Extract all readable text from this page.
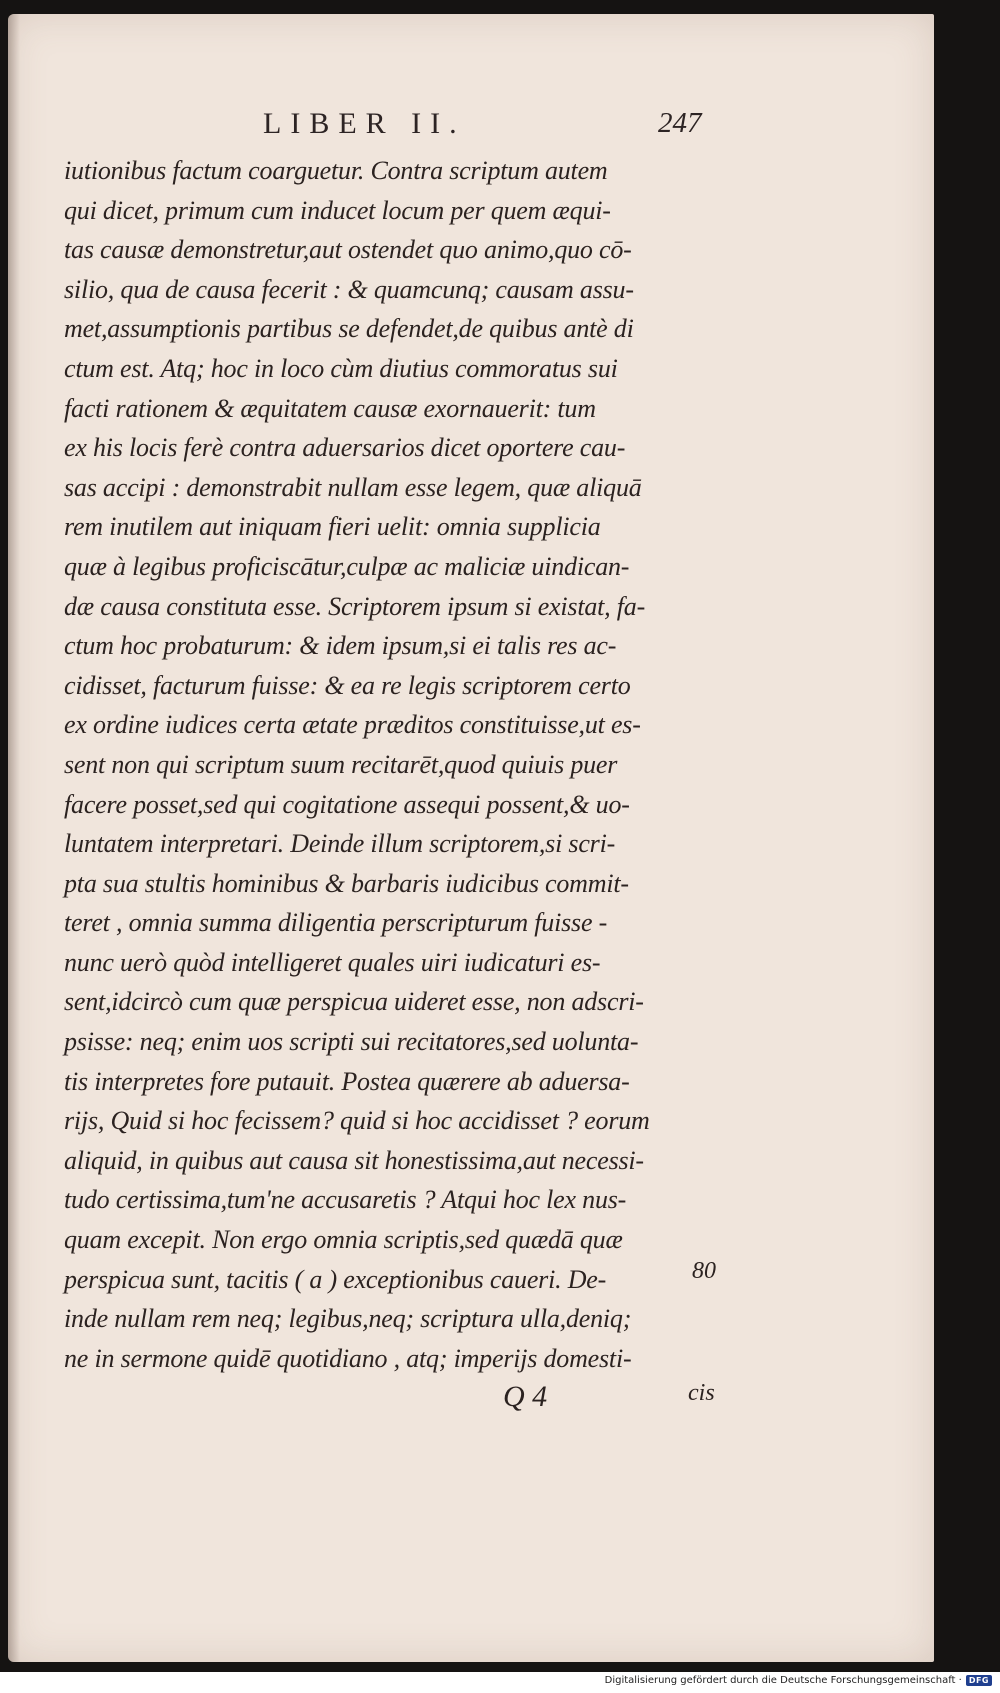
LIBER II.	247
iutionibus factum coarguetur. Contra scriptum autem
qui dicet, primum cum inducet locum per quem æqui-
tas causæ demonstretur,aut ostendet quo animo,quo cō-
silio, qua de causa fecerit : & quamcunq; causam assu-
met,assumptionis partibus se defendet,de quibus antè di
ctum est. Atq; hoc in loco cùm diutius commoratus sui
facti rationem & æquitatem causæ exornauerit: tum
ex his locis ferè contra aduersarios dicet oportere cau-
sas accipi : demonstrabit nullam esse legem, quæ aliquā
rem inutilem aut iniquam fieri uelit: omnia supplicia
quæ à legibus proficiscātur,culpæ ac maliciæ uindican-
dæ causa constituta esse. Scriptorem ipsum si existat, fa-
ctum hoc probaturum: & idem ipsum,si ei talis res ac-
cidisset, facturum fuisse: & ea re legis scriptorem certo
ex ordine iudices certa ætate præditos constituisse,ut es-
sent non qui scriptum suum recitarēt,quod quiuis puer
facere posset,sed qui cogitatione assequi possent,& uo-
luntatem interpretari. Deinde illum scriptorem,si scri-
pta sua stultis hominibus & barbaris iudicibus commit-
teret , omnia summa diligentia perscripturum fuisse -
nunc uerò quòd intelligeret quales uiri iudicaturi es-
sent,idcircò cum quæ perspicua uideret esse, non adscri-
psisse: neq; enim uos scripti sui recitatores,sed uolunta-
tis interpretes fore putauit. Postea quærere ab aduersa-
rijs, Quid si hoc fecissem? quid si hoc accidisset ? eorum
aliquid, in quibus aut causa sit honestissima,aut necessi-
tudo certissima,tum'ne accusaretis ? Atqui hoc lex nus-
quam excepit. Non ergo omnia scriptis,sed quædā quæ
perspicua sunt, tacitis ( a ) exceptionibus caueri. De-
inde nullam rem neq; legibus,neq; scriptura ulla,deniq;
ne in sermone quidē quotidiano , atq; imperijs domesti-
80
Q 4	cis
Digitalisierung gefördert durch die Deutsche Forschungsgemeinschaft · DFG
